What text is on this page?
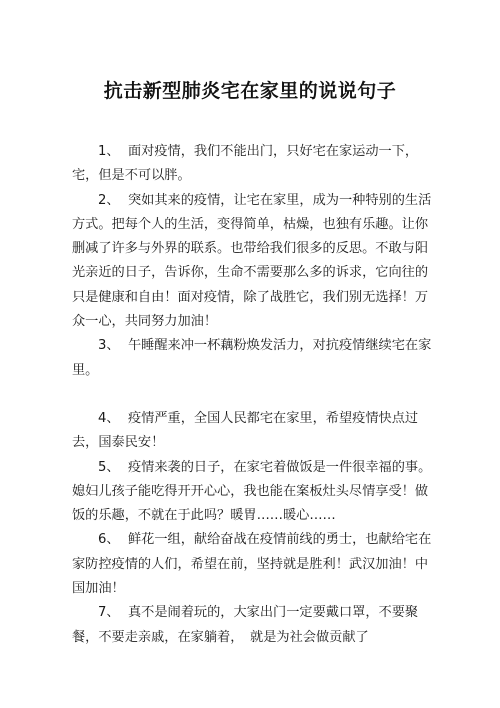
抗击新型肺炎宅在家里的说说句子

1、 面对疫情，我们不能出门，只好宅在家运动一下，宅，但是不可以胖。

2、 突如其来的疫情，让宅在家里，成为一种特别的生活方式。把每个人的生活，变得简单，枯燥，也独有乐趣。让你删减了许多与外界的联系。也带给我们很多的反思。不敢与阳光亲近的日子，告诉你，生命不需要那么多的诉求，它向往的只是健康和自由！面对疫情，除了战胜它，我们别无选择！万众一心，共同努力加油！

3、 午睡醒来冲一杯藕粉焕发活力，对抗疫情继续宅在家里。

4、 疫情严重，全国人民都宅在家里，希望疫情快点过去，国泰民安！

5、 疫情来袭的日子，在家宅着做饭是一件很幸福的事。媳妇儿孩子能吃得开开心心，我也能在案板灶头尽情享受！做饭的乐趣，不就在于此吗？暖胃……暖心……

6、 鲜花一组，献给奋战在疫情前线的勇士，也献给宅在家防控疫情的人们，希望在前，坚持就是胜利！武汉加油！中国加油！

7、 真不是闹着玩的，大家出门一定要戴口罩，不要聚餐，不要走亲戚，在家躺着，　就是为社会做贡献了
